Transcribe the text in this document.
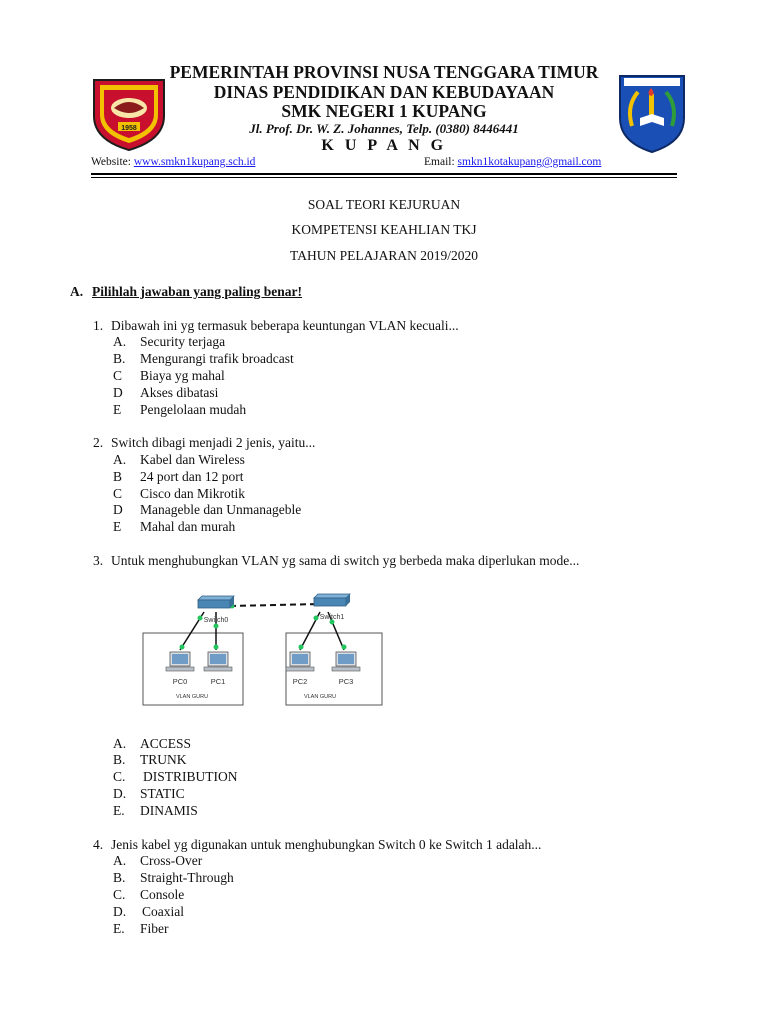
1958
PEMERINTAH PROVINSI NUSA TENGGARA TIMUR
DINAS PENDIDIKAN DAN KEBUDAYAAN
SMK NEGERI 1 KUPANG
Jl. Prof. Dr. W. Z. Johannes, Telp. (0380) 8446441
K U P A N G
Website: www.smkn1kupang.sch.id	Email: smkn1kotakupang@gmail.com
SOAL TEORI KEJURUAN
KOMPETENSI KEAHLIAN TKJ
TAHUN PELAJARAN 2019/2020
A. Pilihlah jawaban yang paling benar!
1. Dibawah ini yg termasuk beberapa keuntungan VLAN kecuali...
A. Security terjaga
B. Mengurangi trafik broadcast
C Biaya yg mahal
D Akses dibatasi
E Pengelolaan mudah
2. Switch dibagi menjadi 2 jenis, yaitu...
A. Kabel dan Wireless
B 24 port dan 12 port
C Cisco dan Mikrotik
D Manageble dan Unmanageble
E Mahal dan murah
3. Untuk menghubungkan VLAN yg sama di switch yg berbeda maka diperlukan mode...
Switch0	Switch1
PC0	PC1	PC2	PC3
VLAN GURU	VLAN GURU
A. ACCESS
B. TRUNK
C. DISTRIBUTION
D. STATIC
E. DINAMIS
4. Jenis kabel yg digunakan untuk menghubungkan Switch 0 ke Switch 1 adalah...
A. Cross-Over
B. Straight-Through
C. Console
D. Coaxial
E. Fiber
